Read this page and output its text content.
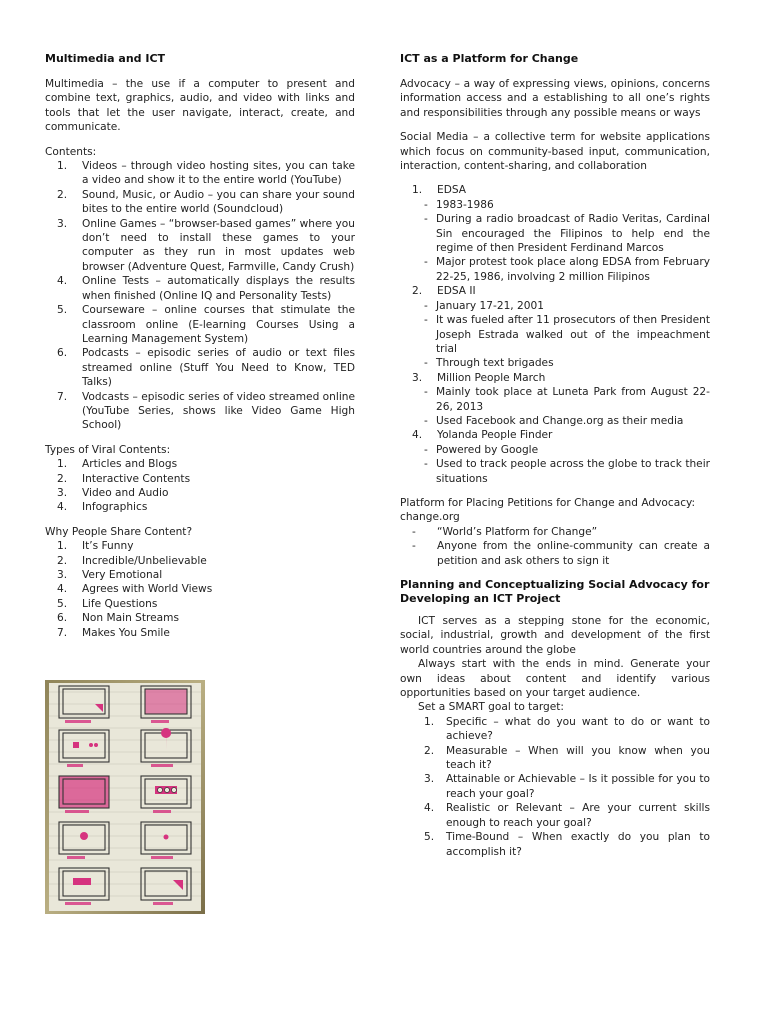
Multimedia and ICT

Multimedia – the use if a computer to present and combine text, graphics, audio, and video with links and tools that let the user navigate, interact, create, and communicate.

Contents:
1. Videos – through video hosting sites, you can take a video and show it to the entire world (YouTube)
2. Sound, Music, or Audio – you can share your sound bites to the entire world (Soundcloud)
3. Online Games – “browser-based games” where you don’t need to install these games to your computer as they run in most updates web browser (Adventure Quest, Farmville, Candy Crush)
4. Online Tests – automatically displays the results when finished (Online IQ and Personality Tests)
5. Courseware – online courses that stimulate the classroom online (E-learning Courses Using a Learning Management System)
6. Podcasts – episodic series of audio or text files streamed online (Stuff You Need to Know, TED Talks)
7. Vodcasts – episodic series of video streamed online (YouTube Series, shows like Video Game High School)
Types of Viral Contents:
1. Articles and Blogs
2. Interactive Contents
3. Video and Audio
4. Infographics
Why People Share Content?
1. It’s Funny
2. Incredible/Unbelievable
3. Very Emotional
4. Agrees with World Views
5. Life Questions
6. Non Main Streams
7. Makes You Smile
ICT as a Platform for Change

Advocacy – a way of expressing views, opinions, concerns information access and a establishing to all one’s rights and responsibilities through any possible means or ways

Social Media – a collective term for website applications which focus on community-based input, communication, interaction, content-sharing, and collaboration

1. EDSA
- 1983-1986
- During a radio broadcast of Radio Veritas, Cardinal Sin encouraged the Filipinos to help end the regime of then President Ferdinand Marcos
- Major protest took place along EDSA from February 22-25, 1986, involving 2 million Filipinos
2. EDSA II
- January 17-21, 2001
- It was fueled after 11 prosecutors of then President Joseph Estrada walked out of the impeachment trial
- Through text brigades
3. Million People March
- Mainly took place at Luneta Park from August 22-26, 2013
- Used Facebook and Change.org as their media
4. Yolanda People Finder
- Powered by Google
- Used to track people across the globe to track their situations

Platform for Placing Petitions for Change and Advocacy:

change.org
- “World’s Platform for Change”
- Anyone from the online-community can create a petition and ask others to sign it
Planning and Conceptualizing Social Advocacy for Developing an ICT Project

ICT serves as a stepping stone for the economic, social, industrial, growth and development of the first world countries around the globe

Always start with the ends in mind. Generate your own ideas about content and identify various opportunities based on your target audience.

Set a SMART goal to target:
1. Specific – what do you want to do or want to achieve?
2. Measurable – When will you know when you teach it?
3. Attainable or Achievable – Is it possible for you to reach your goal?
4. Realistic or Relevant – Are your current skills enough to reach your goal?
5. Time-Bound – When exactly do you plan to accomplish it?
